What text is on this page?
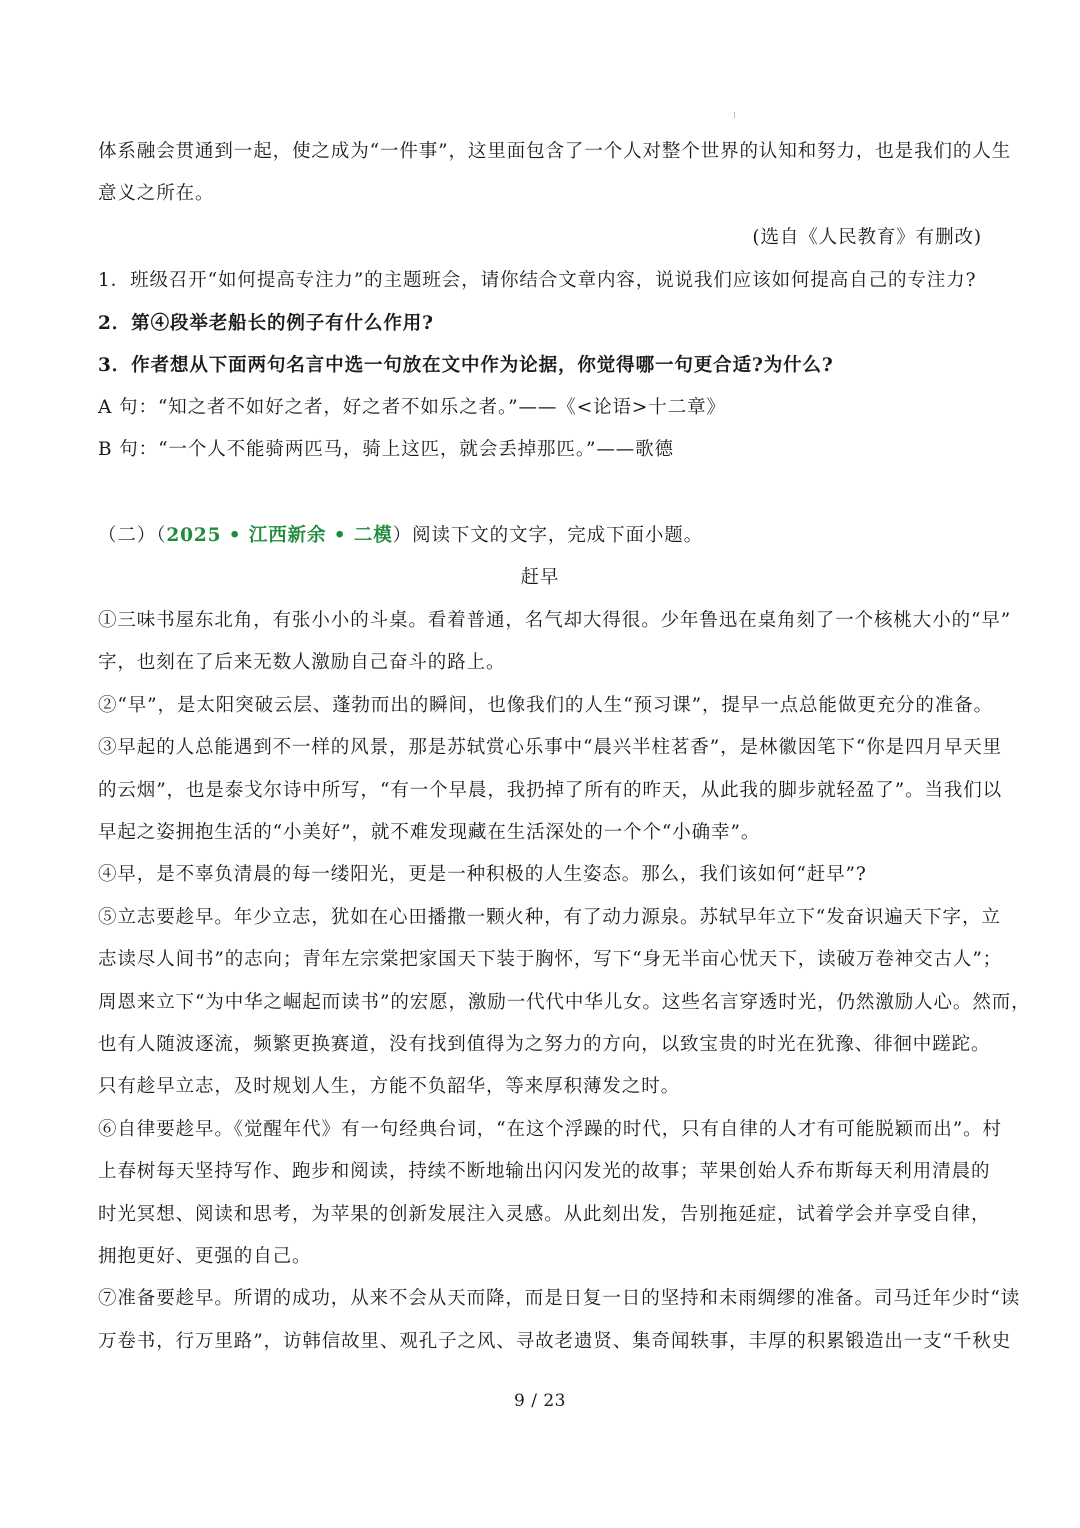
体系融会贯通到一起，使之成为“一件事”，这里面包含了一个人对整个世界的认知和努力，也是我们的人生
意义之所在。
(选自《人民教育》有删改)
1．班级召开“如何提高专注力”的主题班会，请你结合文章内容，说说我们应该如何提高自己的专注力?
2．第④段举老船长的例子有什么作用?
3．作者想从下面两句名言中选一句放在文中作为论据，你觉得哪一句更合适?为什么?
A 句：“知之者不如好之者，好之者不如乐之者。”——《<论语>十二章》
B 句：“一个人不能骑两匹马，骑上这匹，就会丢掉那匹。”——歌德
（二）（2025 • 江西新余 • 二模）阅读下文的文字，完成下面小题。
赶早
①三味书屋东北角，有张小小的斗桌。看着普通，名气却大得很。少年鲁迅在桌角刻了一个核桃大小的“早”
字，也刻在了后来无数人激励自己奋斗的路上。
②“早”，是太阳突破云层、蓬勃而出的瞬间，也像我们的人生“预习课”，提早一点总能做更充分的准备。
③早起的人总能遇到不一样的风景，那是苏轼赏心乐事中“晨兴半柱茗香”，是林徽因笔下“你是四月早天里
的云烟”，也是泰戈尔诗中所写，“有一个早晨，我扔掉了所有的昨天，从此我的脚步就轻盈了”。当我们以
早起之姿拥抱生活的“小美好”，就不难发现藏在生活深处的一个个“小确幸”。
④早，是不辜负清晨的每一缕阳光，更是一种积极的人生姿态。那么，我们该如何“赶早”?
⑤立志要趁早。年少立志，犹如在心田播撒一颗火种，有了动力源泉。苏轼早年立下“发奋识遍天下字，立
志读尽人间书”的志向；青年左宗棠把家国天下装于胸怀，写下“身无半亩心忧天下，读破万卷神交古人”；
周恩来立下“为中华之崛起而读书”的宏愿，激励一代代中华儿女。这些名言穿透时光，仍然激励人心。然而，
也有人随波逐流，频繁更换赛道，没有找到值得为之努力的方向，以致宝贵的时光在犹豫、徘徊中蹉跎。
只有趁早立志，及时规划人生，方能不负韶华，等来厚积薄发之时。
⑥自律要趁早。《觉醒年代》有一句经典台词，“在这个浮躁的时代，只有自律的人才有可能脱颖而出”。村
上春树每天坚持写作、跑步和阅读，持续不断地输出闪闪发光的故事；苹果创始人乔布斯每天利用清晨的
时光冥想、阅读和思考，为苹果的创新发展注入灵感。从此刻出发，告别拖延症，试着学会并享受自律，
拥抱更好、更强的自己。
⑦准备要趁早。所谓的成功，从来不会从天而降，而是日复一日的坚持和未雨绸缪的准备。司马迁年少时“读
万卷书，行万里路”，访韩信故里、观孔子之风、寻故老遗贤、集奇闻轶事，丰厚的积累锻造出一支“千秋史
9 / 23
